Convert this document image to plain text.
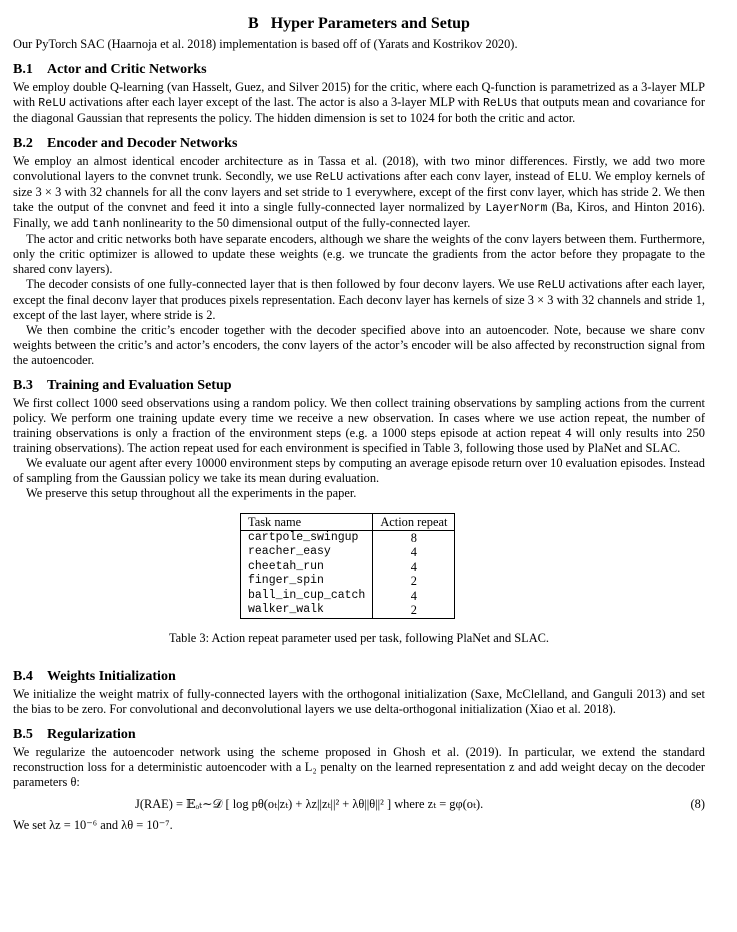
B Hyper Parameters and Setup

Our PyTorch SAC (Haarnoja et al. 2018) implementation is based off of (Yarats and Kostrikov 2020).

B.1 Actor and Critic Networks

We employ double Q-learning (van Hasselt, Guez, and Silver 2015) for the critic, where each Q-function is parametrized as a 3-layer MLP with ReLU activations after each layer except of the last. The actor is also a 3-layer MLP with ReLUs that outputs mean and covariance for the diagonal Gaussian that represents the policy. The hidden dimension is set to 1024 for both the critic and actor.

B.2 Encoder and Decoder Networks

We employ an almost identical encoder architecture as in Tassa et al. (2018), with two minor differences. Firstly, we add two more convolutional layers to the convnet trunk. Secondly, we use ReLU activations after each conv layer, instead of ELU. We employ kernels of size 3 × 3 with 32 channels for all the conv layers and set stride to 1 everywhere, except of the first conv layer, which has stride 2. We then take the output of the convnet and feed it into a single fully-connected layer normalized by LayerNorm (Ba, Kiros, and Hinton 2016). Finally, we add tanh nonlinearity to the 50 dimensional output of the fully-connected layer.

The actor and critic networks both have separate encoders, although we share the weights of the conv layers between them. Furthermore, only the critic optimizer is allowed to update these weights (e.g. we truncate the gradients from the actor before they propagate to the shared conv layers).

The decoder consists of one fully-connected layer that is then followed by four deconv layers. We use ReLU activations after each layer, except the final deconv layer that produces pixels representation. Each deconv layer has kernels of size 3 × 3 with 32 channels and stride 1, except of the last layer, where stride is 2.

We then combine the critic’s encoder together with the decoder specified above into an autoencoder. Note, because we share conv weights between the critic’s and actor’s encoders, the conv layers of the actor’s encoder will be also affected by reconstruction signal from the autoencoder.

B.3 Training and Evaluation Setup

We first collect 1000 seed observations using a random policy. We then collect training observations by sampling actions from the current policy. We perform one training update every time we receive a new observation. In cases where we use action repeat, the number of training observations is only a fraction of the environment steps (e.g. a 1000 steps episode at action repeat 4 will only results into 250 training observations). The action repeat used for each environment is specified in Table 3, following those used by PlaNet and SLAC.

We evaluate our agent after every 10000 environment steps by computing an average episode return over 10 evaluation episodes. Instead of sampling from the Gaussian policy we take its mean during evaluation.

We preserve this setup throughout all the experiments in the paper.

Task name	Action repeat
cartpole_swingup	8
reacher_easy	4
cheetah_run	4
finger_spin	2
ball_in_cup_catch	4
walker_walk	2
Table 3: Action repeat parameter used per task, following PlaNet and SLAC.
B.4 Weights Initialization

We initialize the weight matrix of fully-connected layers with the orthogonal initialization (Saxe, McClelland, and Ganguli 2013) and set the bias to be zero. For convolutional and deconvolutional layers we use delta-orthogonal initialization (Xiao et al. 2018).

B.5 Regularization

We regularize the autoencoder network using the scheme proposed in Ghosh et al. (2019). In particular, we extend the standard reconstruction loss for a deterministic autoencoder with a L₂ penalty on the learned representation z and add weight decay on the decoder parameters θ:

J(RAE) = 𝔼ₒₜ∼𝒟 [ log pθ(oₜ|zₜ) + λz||zₜ||² + λθ||θ||² ] where zₜ = gφ(oₜ).	(8)

We set λz = 10⁻⁶ and λθ = 10⁻⁷.
